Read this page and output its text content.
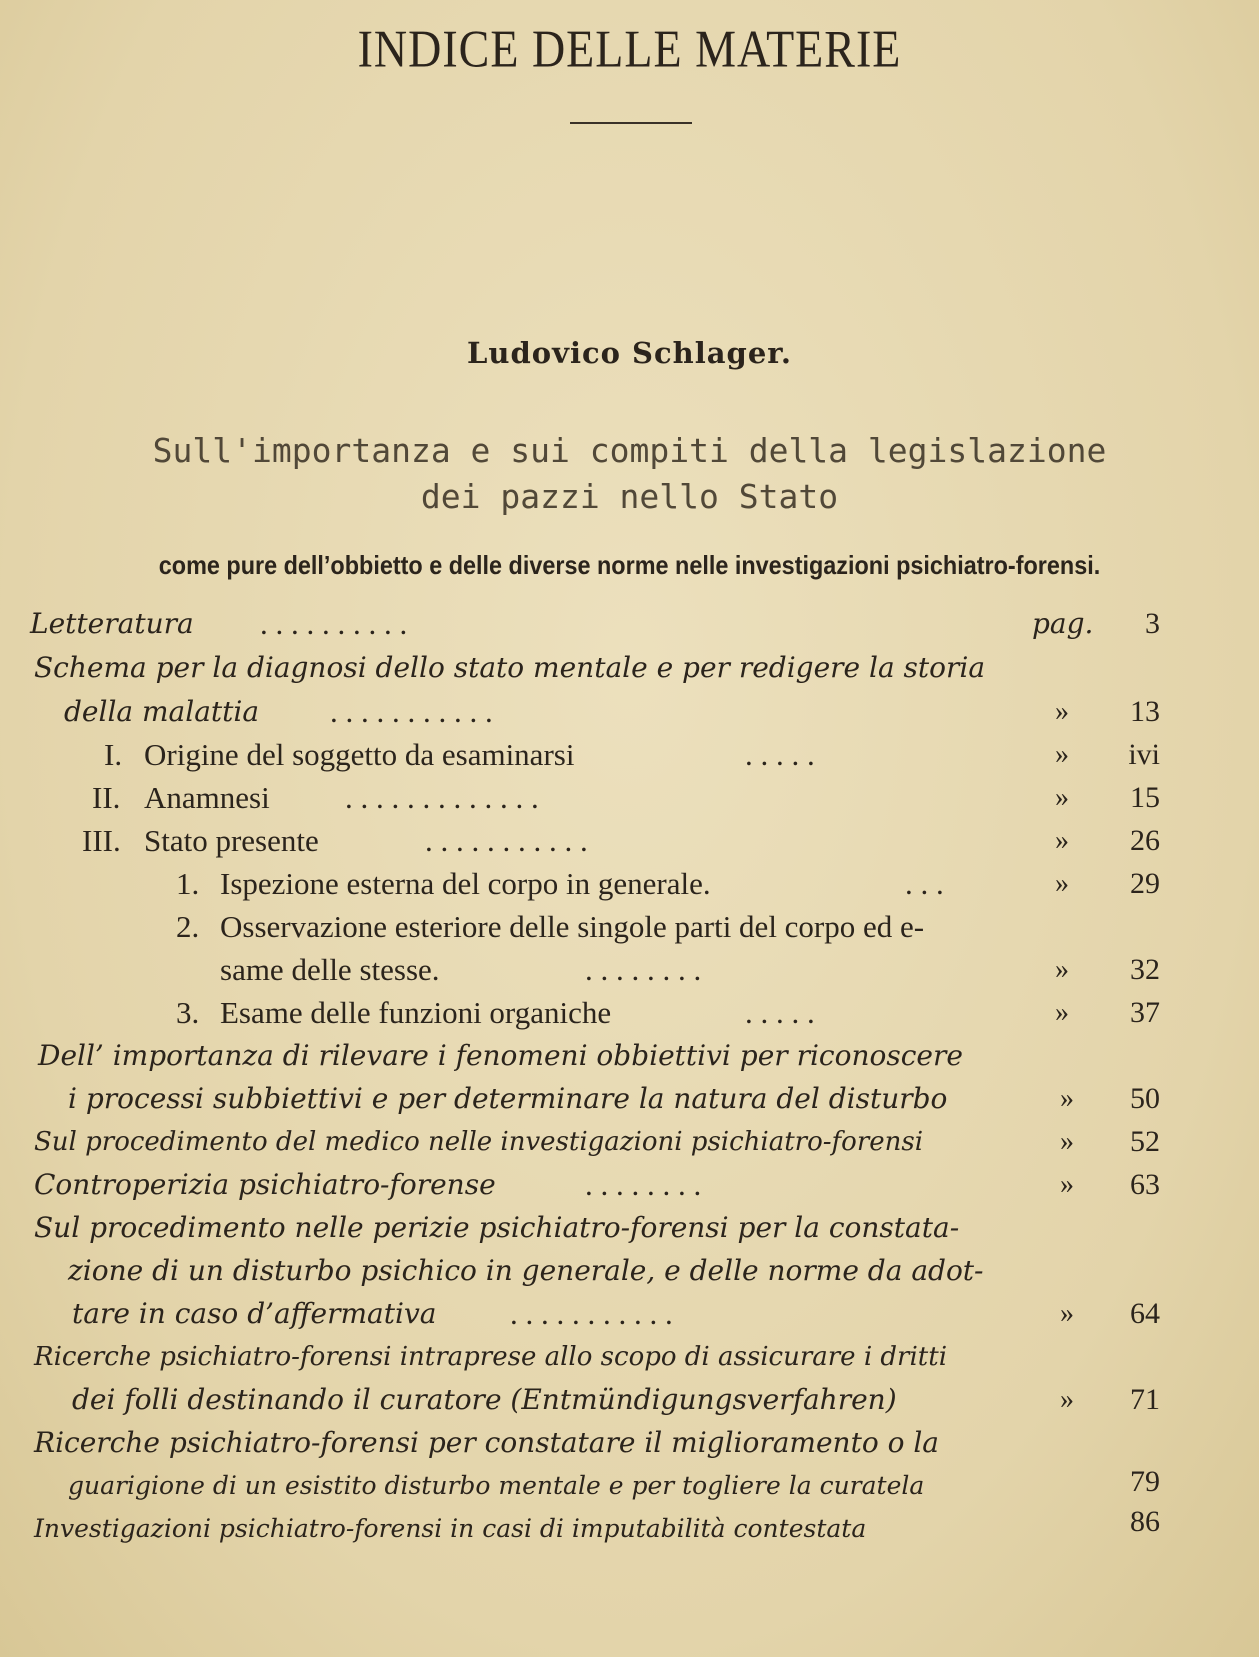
INDICE DELLE MATERIE
Ludovico Schlager.
Sull'importanza e sui compiti della legislazione
dei pazzi nello Stato
come pure dell’obbietto e delle diverse norme nelle investigazioni psichiatro-forensi.
Letteratura . . . . . . . . . .	pag.	3
Schema per la diagnosi dello stato mentale e per redigere la storia
della malattia . . . . . . . . . . .	»	13
I. Origine del soggetto da esaminarsi	. . . . .	»	ivi
II. Anamnesi . . . . . . . . . . . . .	»	15
III. Stato presente	. . . . . . . . . . .	»	26
1. Ispezione esterna del corpo in generale.	. . .	»	29
2. Osservazione esteriore delle singole parti del corpo ed e-
same delle stesse.	. . . . . . . .	»	32
3. Esame delle funzioni organiche	. . . . .	»	37
Dell’ importanza di rilevare i fenomeni obbiettivi per riconoscere
i processi subbiettivi e per determinare la natura del disturbo	»	50
Sul procedimento del medico nelle investigazioni psichiatro-forensi	»	52
Controperizia psichiatro-forense	. . . . . . . .	»	63
Sul procedimento nelle perizie psichiatro-forensi per la constata-
zione di un disturbo psichico in generale, e delle norme da adot-
tare in caso d’affermativa . . . . . . . . . . .	»	64
Ricerche psichiatro-forensi intraprese allo scopo di assicurare i dritti
dei folli destinando il curatore (Entmündigungsverfahren)	»	71
Ricerche psichiatro-forensi per constatare il miglioramento o la
guarigione di un esistito disturbo mentale e per togliere la curatela	79
Investigazioni psichiatro-forensi in casi di imputabilità contestata	86
